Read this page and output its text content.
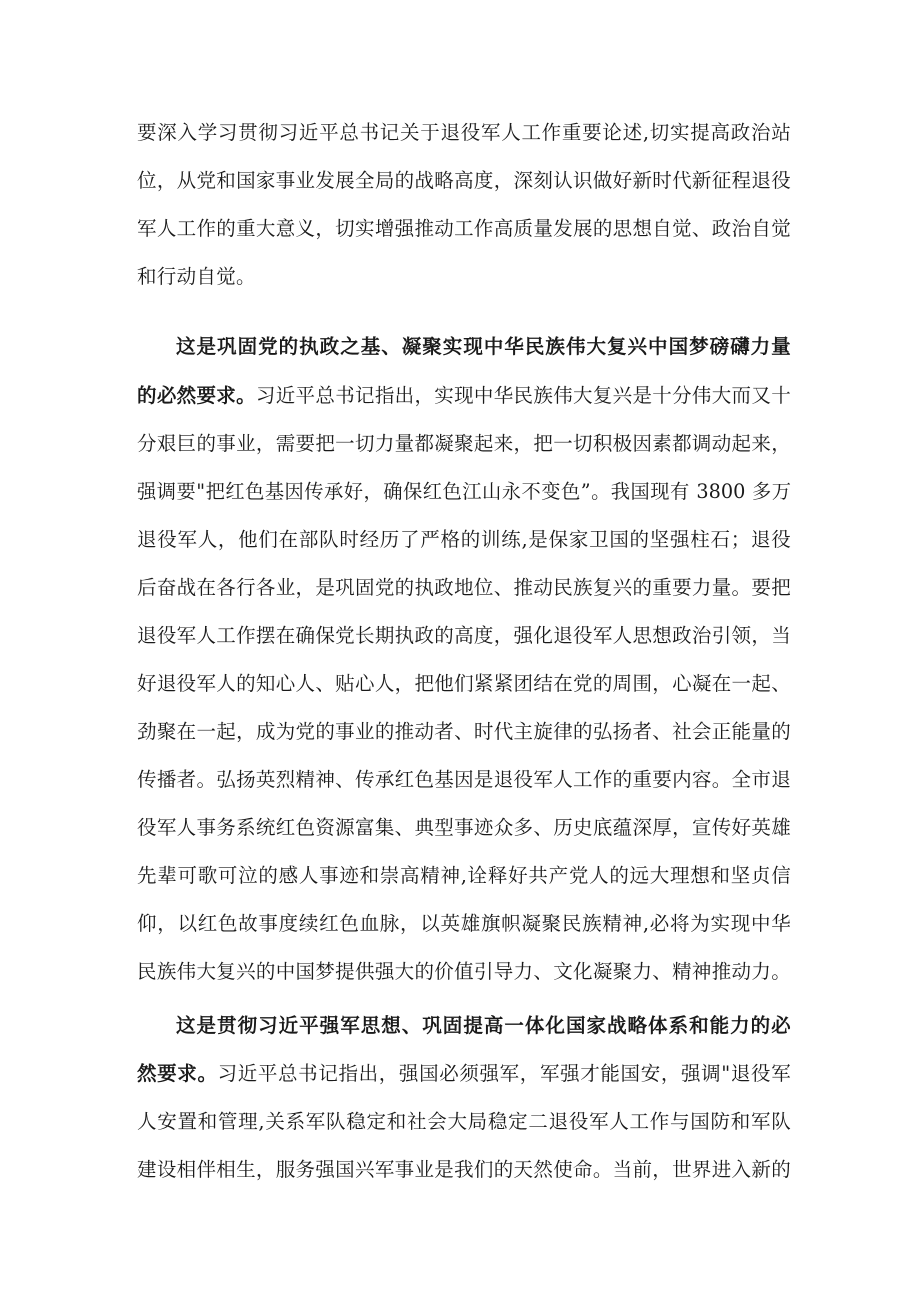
要深入学习贯彻习近平总书记关于退役军人工作重要论述,切实提高政治站
位，从党和国家事业发展全局的战略高度，深刻认识做好新时代新征程退役
军人工作的重大意义，切实增强推动工作高质量发展的思想自觉、政治自觉
和行动自觉。
这是巩固党的执政之基、凝聚实现中华民族伟大复兴中国梦磅礴力量
的必然要求。习近平总书记指出，实现中华民族伟大复兴是十分伟大而又十
分艰巨的事业，需要把一切力量都凝聚起来，把一切积极因素都调动起来，
强调要"把红色基因传承好，确保红色江山永不变色”。我国现有 3800 多万
退役军人，他们在部队时经历了严格的训练,是保家卫国的坚强柱石；退役
后奋战在各行各业，是巩固党的执政地位、推动民族复兴的重要力量。要把
退役军人工作摆在确保党长期执政的高度，强化退役军人思想政治引领，当
好退役军人的知心人、贴心人，把他们紧紧团结在党的周围，心凝在一起、
劲聚在一起，成为党的事业的推动者、时代主旋律的弘扬者、社会正能量的
传播者。弘扬英烈精神、传承红色基因是退役军人工作的重要内容。全市退
役军人事务系统红色资源富集、典型事迹众多、历史底蕴深厚，宣传好英雄
先辈可歌可泣的感人事迹和崇高精神,诠释好共产党人的远大理想和坚贞信
仰，以红色故事度续红色血脉，以英雄旗帜凝聚民族精神,必将为实现中华
民族伟大复兴的中国梦提供强大的价值引导力、文化凝聚力、精神推动力。
这是贯彻习近平强军思想、巩固提高一体化国家战略体系和能力的必
然要求。习近平总书记指出，强国必须强军，军强才能国安，强调"退役军
人安置和管理,关系军队稳定和社会大局稳定二退役军人工作与国防和军队
建设相伴相生，服务强国兴军事业是我们的天然使命。当前，世界进入新的
